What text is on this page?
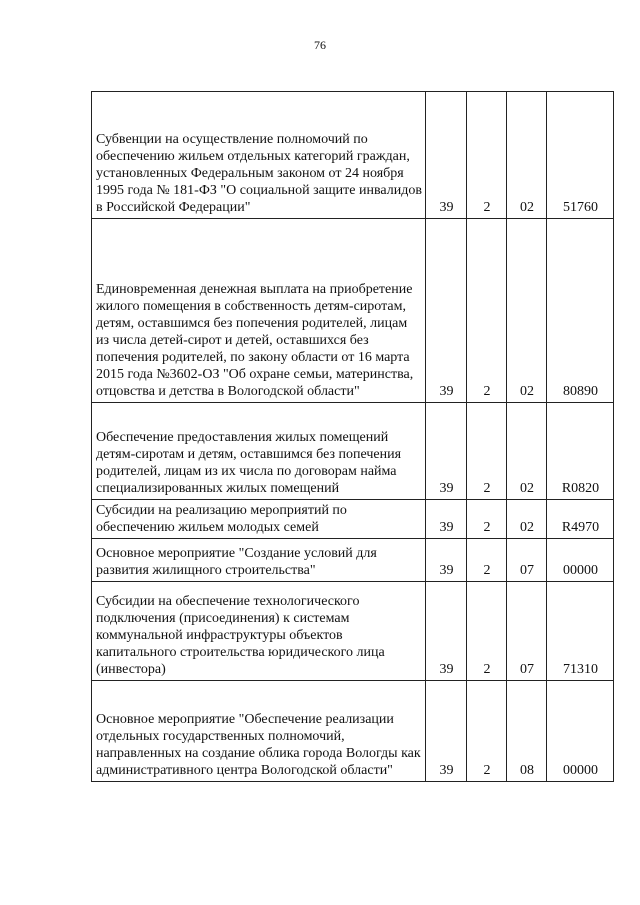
76
Субвенции на осуществление полномочий по обеспечению жильем отдельных категорий граждан, установленных Федеральным законом от 24 ноября 1995 года № 181-ФЗ "О социальной защите инвалидов в Российской Федерации"	39	2	02	51760
Единовременная денежная выплата на приобретение жилого помещения в собственность детям-сиротам, детям, оставшимся без попечения родителей, лицам из числа детей-сирот и детей, оставшихся без попечения родителей, по закону области от 16 марта 2015 года №3602-ОЗ "Об охране семьи, материнства, отцовства и детства в Вологодской области"	39	2	02	80890
Обеспечение предоставления жилых помещений детям-сиротам и детям, оставшимся без попечения родителей, лицам из их числа по договорам найма специализированных жилых помещений	39	2	02	R0820
Субсидии на реализацию мероприятий по обеспечению жильем молодых семей	39	2	02	R4970
Основное мероприятие "Создание условий для развития жилищного строительства"	39	2	07	00000
Субсидии на обеспечение технологического подключения (присоединения) к системам коммунальной инфраструктуры объектов капитального строительства юридического лица (инвестора)	39	2	07	71310
Основное мероприятие "Обеспечение реализации отдельных государственных полномочий, направленных на создание облика города Вологды как административного центра Вологодской области"	39	2	08	00000
